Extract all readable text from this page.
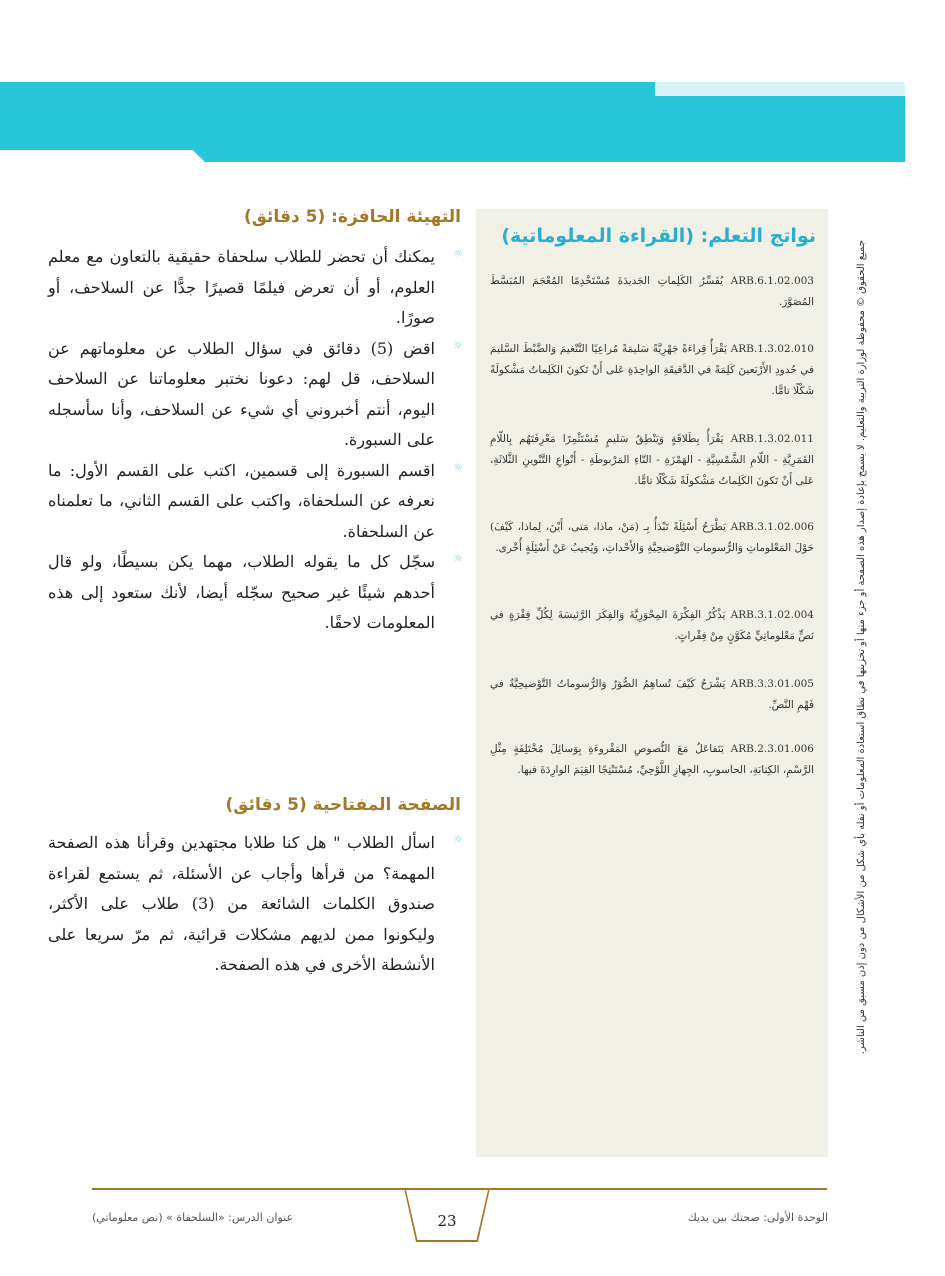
جميع الحقوق © محفوظة لوزارة التربية والتعليم. لا يسمح بإعادة إصدار هذه الصفحة أو جزء منها أو تخزينها في نطاق استعادة المعلومات أو نقله بأي شكل من الأشكال من دون إذن مسبق من الناشر.
نواتج التعلم: (القراءة المعلوماتية)
ARB.6.1.02.003 يُفَسِّرُ الكَلِماتِ الجَديدَةَ مُسْتَخْدِمًا المُعْجَمَ المُبَسَّطَ المُصَوَّرَ.
ARB.1.3.02.010 يَقْرَأُ قِراءَةً جَهْرِيَّةً سَليمَةً مُراعِيًا التَّنْغيمَ وَالضَّبْطَ السَّليمَ في حُدودِ الأَرْبَعينَ كَلِمَةً في الدَّقيقَةِ الواحِدَةِ عَلى أَنْ تَكونَ الكَلِماتُ مَشْكولَةً شَكْلًا تامًّا.
ARB.1.3.02.011 يَقْرَأُ بِطَلاقَةٍ وَيَنْطِقُ سَليمٍ مُسْتَثْمِرًا مَعْرِفَتَهُم بِاللّامِ القَمَرِيَّةِ - اللّامِ الشَّمْسِيَّةِ - الهَمْزَةِ - التّاءِ المَرْبوطَةِ - أَنْواعِ التَّنْوينِ الثَّلاثَةِ، عَلى أَنْ تَكونَ الكَلِماتُ مَشْكولَةً شَكْلًا تامًّا.
ARB.3.1.02.006 يَطْرَحُ أَسْئِلَةً تَبْدَأُ بِـ (مَنْ، ماذا، مَتى، أَيْنَ، لِماذا، كَيْفَ) حَوْلَ المَعْلوماتِ وَالرُّسوماتِ التَّوْضيحِيَّةِ وَالأَحْداثِ، وَيُجيبُ عَنْ أَسْئِلَةٍ أُخْرى.
ARB.3.1.02.004 يَذْكُرُ الفِكْرَةَ المِحْوَرِيَّةَ وَالفِكَرَ الرَّئيسَةَ لِكُلِّ فِقْرَةٍ في نَصٍّ مَعْلوماتِيٍّ مُكَوَّنٍ مِنْ فِقْراتٍ.
ARB.3.3.01.005 يَشْرَحُ كَيْفَ تُساهِمُ الصُّوَرُ وَالرُّسوماتُ التَّوْضيحِيَّةُ في فَهْمِ النَّصِّ.
ARB.2.3.01.006 يَتَفاعَلُ مَعَ النُّصوصِ المَقْروءَةِ بِوَسائِلَ مُخْتَلِفَةٍ مِثْلِ الرَّسْمِ، الكِتابَةِ، الحاسوبِ، الجِهازِ اللَّوْحِيِّ، مُسْتَنْتِجًا القِيَمَ الوارِدَةَ فيها.
التهيئة الحافزة: (5 دقائق)
☼
يمكنك أن تحضر للطلاب سلحفاة حقيقية بالتعاون مع معلم العلوم، أو أن تعرض فيلمًا قصيرًا جدًّا عن السلاحف، أو صورًا.
☼
اقض (5) دقائق في سؤال الطلاب عن معلوماتهم عن السلاحف، قل لهم: دعونا نختبر معلوماتنا عن السلاحف اليوم، أنتم أخبروني أي شيء عن السلاحف، وأنا سأسجله على السبورة.
☼
اقسم السبورة إلى قسمين، اكتب على القسم الأول: ما نعرفه عن السلحفاة، واكتب على القسم الثاني، ما تعلمناه عن السلحفاة.
☼
سجّل كل ما يقوله الطلاب، مهما يكن بسيطًا، ولو قال أحدهم شيئًا غير صحيح سجّله أيضا، لأنك ستعود إلى هذه المعلومات لاحقًا.
الصفحة المفتاحية (5 دقائق)
☼
اسأل الطلاب " هل كنا طلابا مجتهدين وقرأنا هذه الصفحة المهمة؟ من قرأها وأجاب عن الأسئلة، ثم يستمع لقراءة صندوق الكلمات الشائعة من (3) طلاب على الأكثر، وليكونوا ممن لديهم مشكلات قرائية، ثم مرّ سريعا على الأنشطة الأخرى في هذه الصفحة.
23	الوحدة الأولى: صحتك بين يديك
عنوان الدرس: «السلحفاة » (نص معلوماتي)
